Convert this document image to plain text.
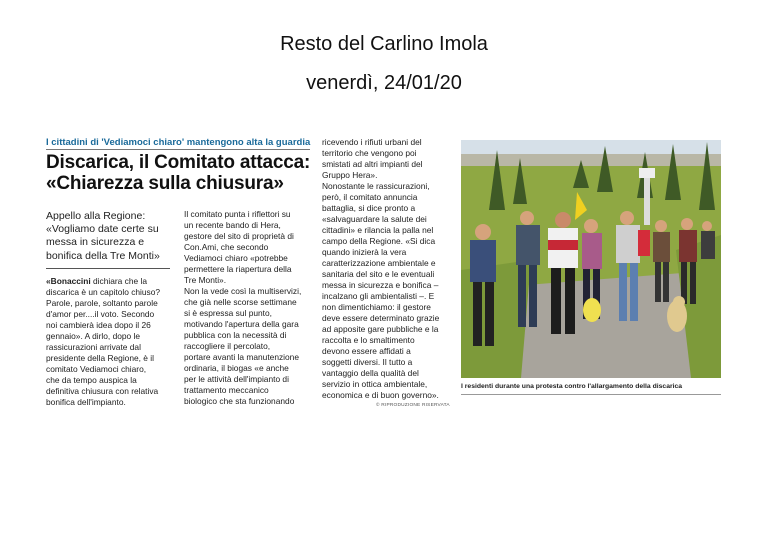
Resto del Carlino Imola
venerdì, 24/01/20
I cittadini di 'Vediamoci chiaro' mantengono alta la guardia
Discarica, il Comitato attacca: «Chiarezza sulla chiusura»
Appello alla Regione: «Vogliamo date certe su messa in sicurezza e bonifica della Tre Monti»
«Bonaccini dichiara che la
discarica è un capitolo chiuso?
Parole, parole, soltanto parole
d'amor per....il voto. Secondo
noi cambierà idea dopo il 26
gennaio». A dirlo, dopo le
rassicurazioni arrivate dal
presidente della Regione, è il
comitato Vediamoci chiaro,
che da tempo auspica la
definitiva chiusura con relativa
bonifica dell'impianto.
Il comitato punta i riflettori su
un recente bando di Hera,
gestore del sito di proprietà di
Con.Ami, che secondo
Vediamoci chiaro «potrebbe
permettere la riapertura della
Tre Monti».
Non la vede così la multiservizi,
che già nelle scorse settimane
si è espressa sul punto,
motivando l'apertura della gara
pubblica con la necessità di
raccogliere il percolato,
portare avanti la manutenzione
ordinaria, il biogas «e anche
per le attività dell'impianto di
trattamento meccanico
biologico che sta funzionando
ricevendo i rifiuti urbani del
territorio che vengono poi
smistati ad altri impianti del
Gruppo Hera».
Nonostante le rassicurazioni,
però, il comitato annuncia
battaglia, si dice pronto a
«salvaguardare la salute dei
cittadini» e rilancia la palla nel
campo della Regione. «Si dica
quando inizierà la vera
caratterizzazione ambientale e
sanitaria del sito e le eventuali
messa in sicurezza e bonifica –
incalzano gli ambientalisti –. E
non dimentichiamo: il gestore
deve essere determinato grazie
ad apposite gare pubbliche e la
raccolta e lo smaltimento
devono essere affidati a
soggetti diversi. Il tutto a
vantaggio della qualità del
servizio in ottica ambientale,
economica e di buon governo».
© RIPRODUZIONE RISERVATA
I residenti durante una protesta contro l'allargamento della discarica
